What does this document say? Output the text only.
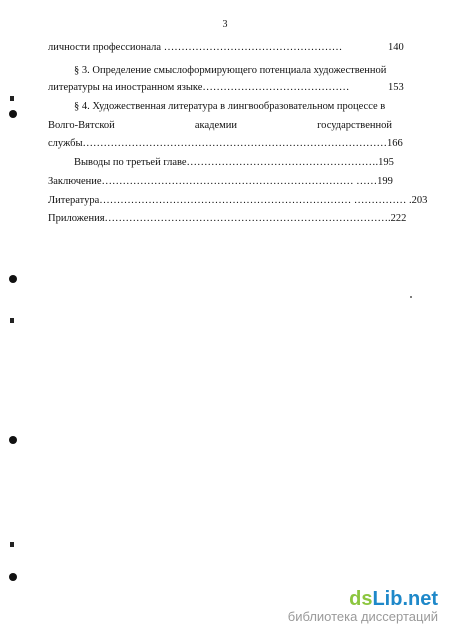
3
личности профессионала ……………………………………………	140
§ 3. Определение смыслоформирующего потенциала художественной
литературы на иностранном языке……………………………………	153
§ 4. Художественная литература в лингвообразовательном процессе в
Волго-Вятской	академии	государственной
службы……………………………………………………………………………166
Выводы по третьей главе……………………………………………….195
Заключение……………………………………………………………… ……199
Литература……………………………………………………………… …………… .203
Приложения……………………………………………………………………….222
dsLib.net
библиотека диссертаций
